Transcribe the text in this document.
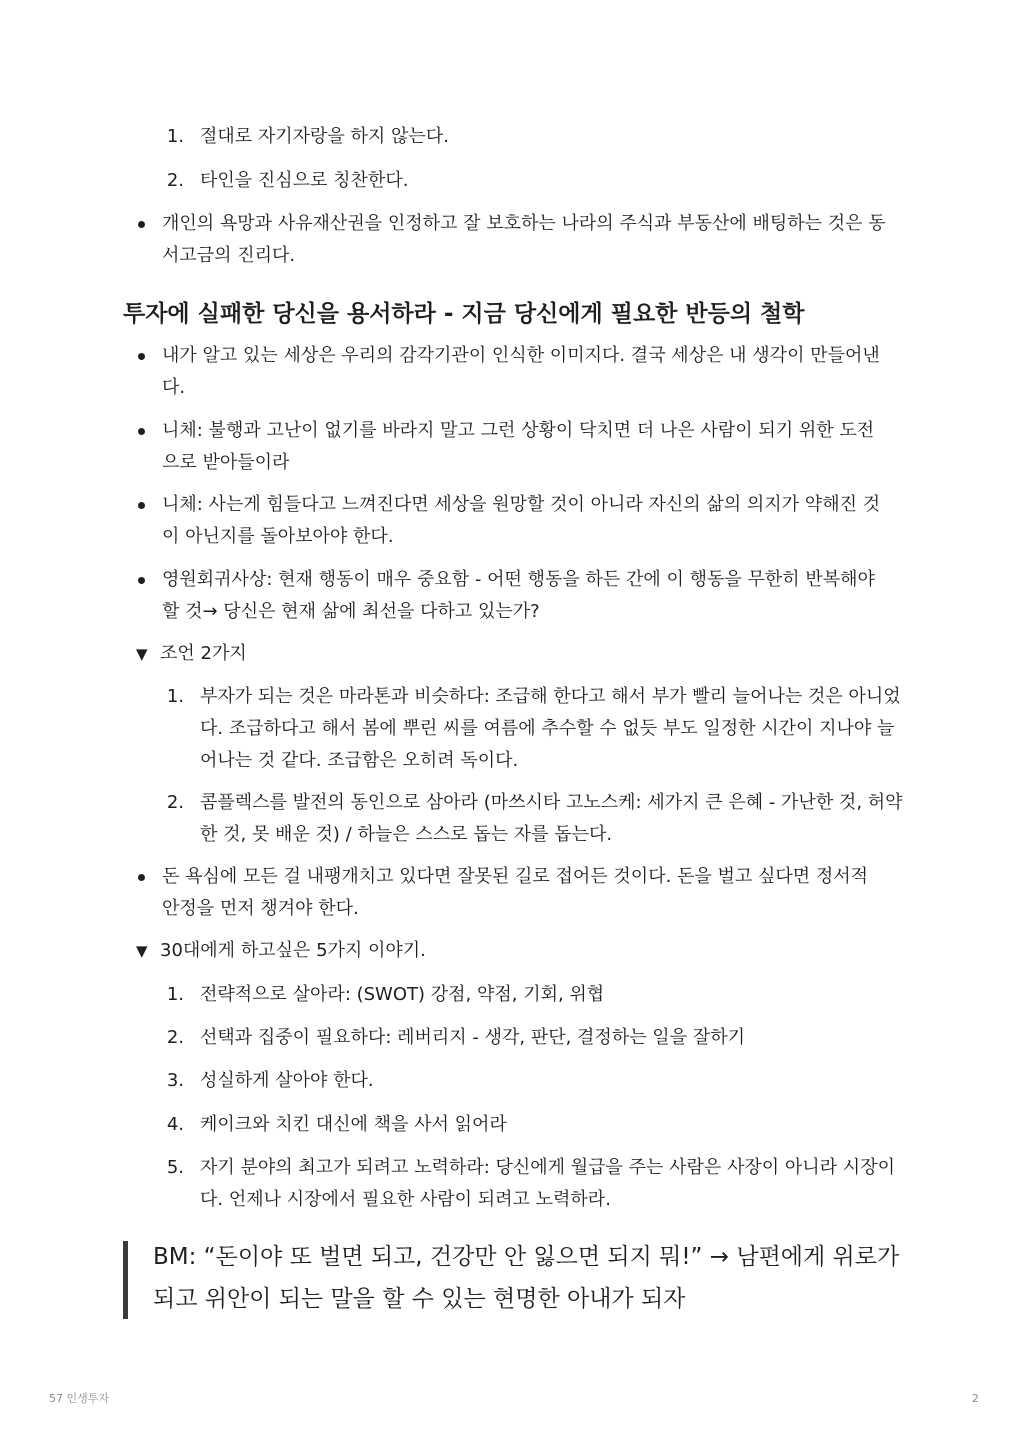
1. 절대로 자기자랑을 하지 않는다.
2. 타인을 진심으로 칭찬한다.
개인의 욕망과 사유재산권을 인정하고 잘 보호하는 나라의 주식과 부동산에 배팅하는 것은 동서고금의 진리다.
투자에 실패한 당신을 용서하라 - 지금 당신에게 필요한 반등의 철학
내가 알고 있는 세상은 우리의 감각기관이 인식한 이미지다. 결국 세상은 내 생각이 만들어낸다.
니체: 불행과 고난이 없기를 바라지 말고 그런 상황이 닥치면 더 나은 사람이 되기 위한 도전으로 받아들이라
니체: 사는게 힘들다고 느껴진다면 세상을 원망할 것이 아니라 자신의 삶의 의지가 약해진 것이 아닌지를 돌아보아야 한다.
영원회귀사상: 현재 행동이 매우 중요함 - 어떤 행동을 하든 간에 이 행동을 무한히 반복해야 할 것→ 당신은 현재 삶에 최선을 다하고 있는가?
▼ 조언 2가지
1. 부자가 되는 것은 마라톤과 비슷하다: 조급해 한다고 해서 부가 빨리 늘어나는 것은 아니었다. 조급하다고 해서 봄에 뿌린 씨를 여름에 추수할 수 없듯 부도 일정한 시간이 지나야 늘어나는 것 같다. 조급함은 오히려 독이다.
2. 콤플렉스를 발전의 동인으로 삼아라 (마쓰시타 고노스케: 세가지 큰 은혜 - 가난한 것, 허약한 것, 못 배운 것) / 하늘은 스스로 돕는 자를 돕는다.
돈 욕심에 모든 걸 내팽개치고 있다면 잘못된 길로 접어든 것이다. 돈을 벌고 싶다면 정서적 안정을 먼저 챙겨야 한다.
▼ 30대에게 하고싶은 5가지 이야기.
1. 전략적으로 살아라: (SWOT) 강점, 약점, 기회, 위협
2. 선택과 집중이 필요하다: 레버리지 - 생각, 판단, 결정하는 일을 잘하기
3. 성실하게 살아야 한다.
4. 케이크와 치킨 대신에 책을 사서 읽어라
5. 자기 분야의 최고가 되려고 노력하라: 당신에게 월급을 주는 사람은 사장이 아니라 시장이다. 언제나 시장에서 필요한 사람이 되려고 노력하라.
BM: “돈이야 또 벌면 되고, 건강만 안 잃으면 되지 뭐!” → 남편에게 위로가 되고 위안이 되는 말을 할 수 있는 현명한 아내가 되자
57 인생투자	2
